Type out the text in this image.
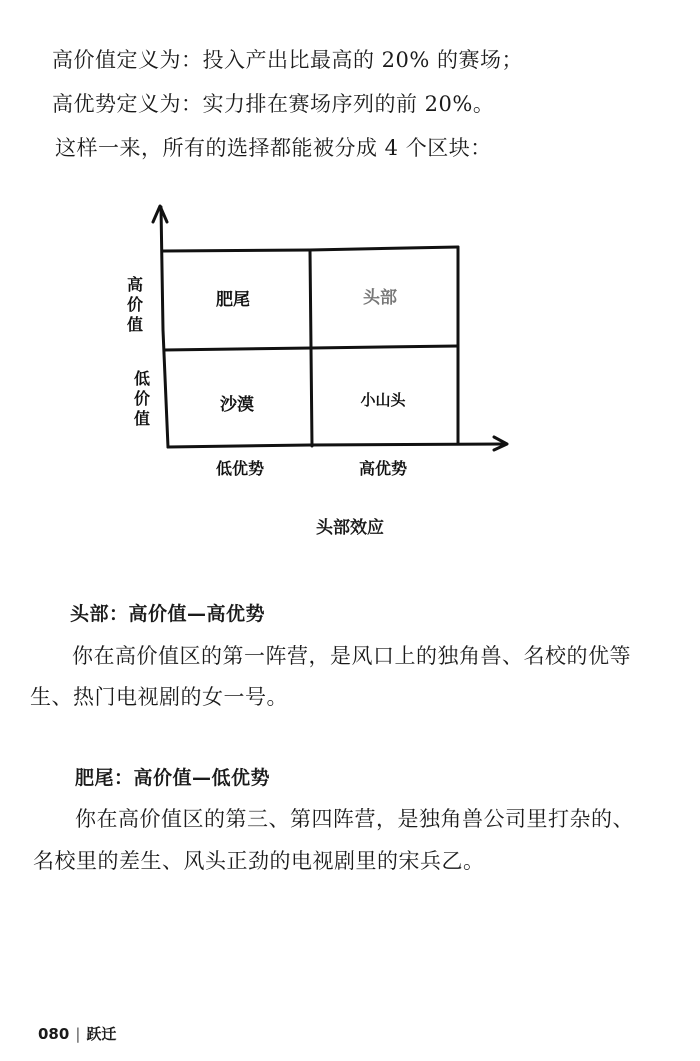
高价值定义为：投入产出比最高的 20% 的赛场；
高优势定义为：实力排在赛场序列的前 20%。
这样一来，所有的选择都能被分成 4 个区块：
高
价
值
低
价
值
肥尾	头部
沙漠	小山头
低优势	高优势
头部效应
头部：高价值—高优势
你在高价值区的第一阵营，是风口上的独角兽、名校的优等
生、热门电视剧的女一号。
肥尾：高价值—低优势
你在高价值区的第三、第四阵营，是独角兽公司里打杂的、
名校里的差生、风头正劲的电视剧里的宋兵乙。
080 | 跃迁
